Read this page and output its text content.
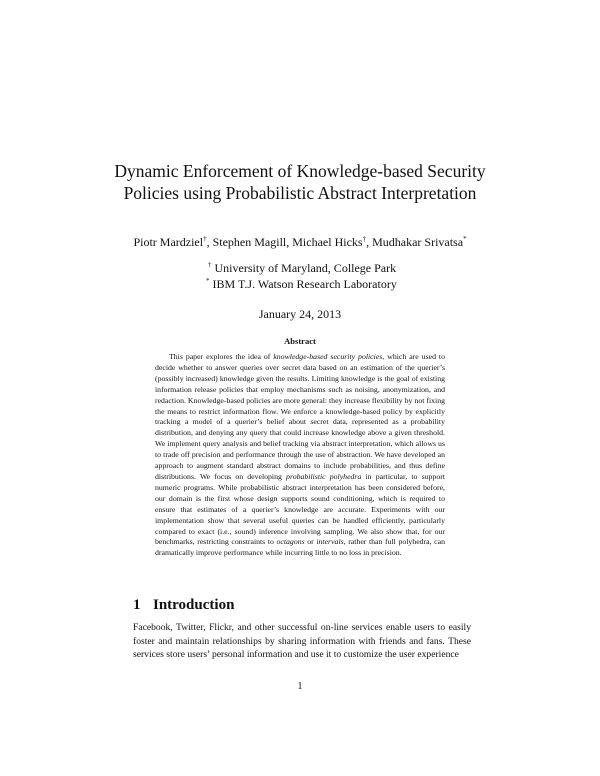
Dynamic Enforcement of Knowledge-based Security Policies using Probabilistic Abstract Interpretation
Piotr Mardziel†, Stephen Magill, Michael Hicks†, Mudhakar Srivatsa*
† University of Maryland, College Park
* IBM T.J. Watson Research Laboratory
January 24, 2013
Abstract

This paper explores the idea of knowledge-based security policies, which are used to decide whether to answer queries over secret data based on an estimation of the querier’s (possibly increased) knowledge given the results. Limiting knowledge is the goal of existing information release policies that employ mechanisms such as noising, anonymization, and redaction. Knowledge-based policies are more general: they increase flexibility by not fixing the means to restrict information flow. We enforce a knowledge-based policy by explicitly tracking a model of a querier’s belief about secret data, represented as a probability distribution, and denying any query that could increase knowledge above a given threshold. We implement query analysis and belief tracking via abstract interpretation, which allows us to trade off precision and performance through the use of abstraction. We have developed an approach to augment standard abstract domains to include probabilities, and thus define distributions. We focus on developing probabilistic polyhedra in particular, to support numeric programs. While probabilistic abstract interpretation has been considered before, our domain is the first whose design supports sound conditioning, which is required to ensure that estimates of a querier’s knowledge are accurate. Experiments with our implementation show that several useful queries can be handled efficiently, particularly compared to exact (i.e., sound) inference involving sampling. We also show that, for our benchmarks, restricting constraints to octagons or intervals, rather than full polyhedra, can dramatically improve performance while incurring little to no loss in precision.

1 Introduction

Facebook, Twitter, Flickr, and other successful on-line services enable users to easily foster and maintain relationships by sharing information with friends and fans. These services store users’ personal information and use it to customize the user experience

1
